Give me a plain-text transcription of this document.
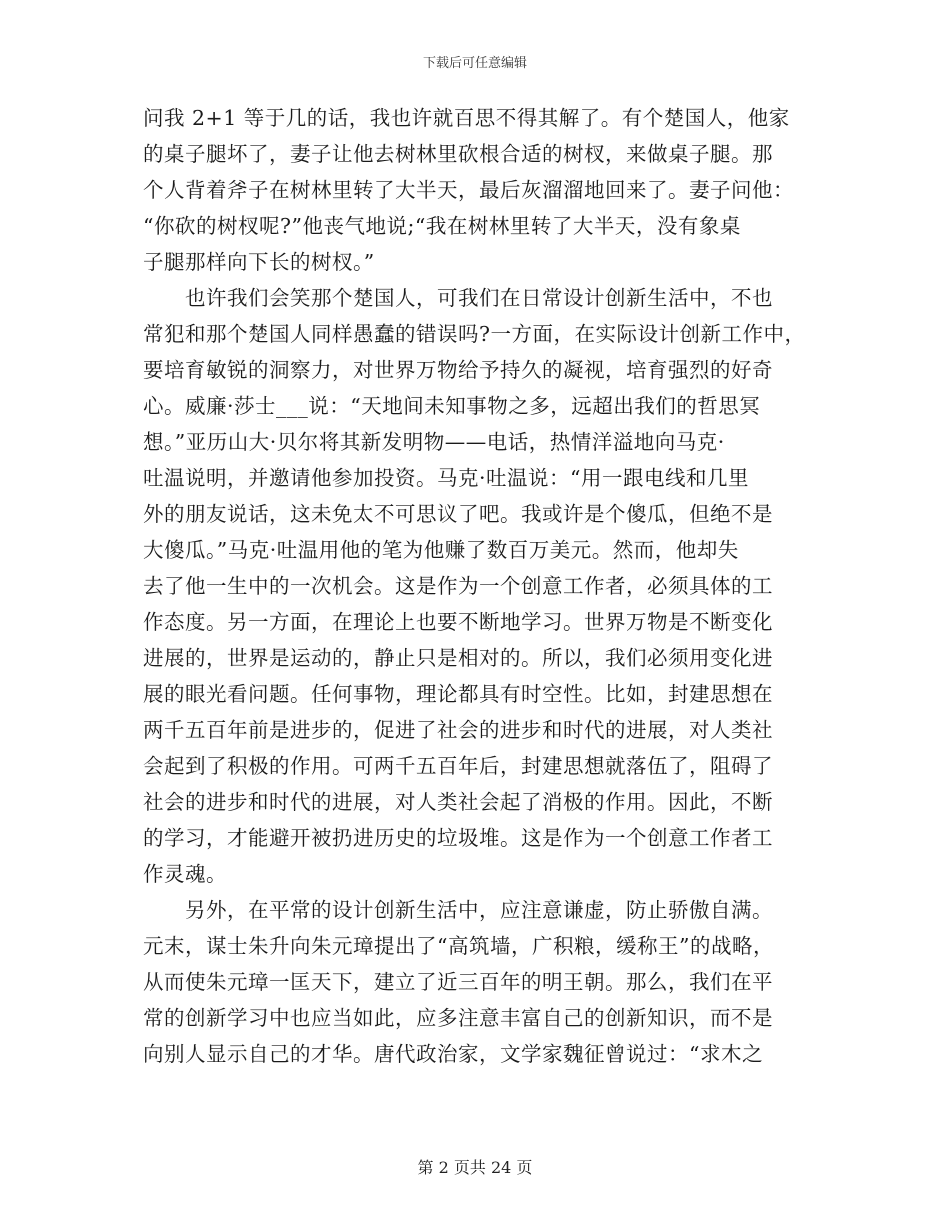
下载后可任意编辑
问我 2+1 等于几的话，我也许就百思不得其解了。有个楚国人，他家
的桌子腿坏了，妻子让他去树林里砍根合适的树杈，来做桌子腿。那
个人背着斧子在树林里转了大半天，最后灰溜溜地回来了。妻子问他：
“你砍的树杈呢?”他丧气地说;“我在树林里转了大半天，没有象桌
子腿那样向下长的树杈。”
也许我们会笑那个楚国人，可我们在日常设计创新生活中，不也
常犯和那个楚国人同样愚蠢的错误吗?一方面，在实际设计创新工作中，
要培育敏锐的洞察力，对世界万物给予持久的凝视，培育强烈的好奇
心。威廉·莎士___说：“天地间未知事物之多，远超出我们的哲思冥
想。”亚历山大·贝尔将其新发明物——电话，热情洋溢地向马克·
吐温说明，并邀请他参加投资。马克·吐温说：“用一跟电线和几里
外的朋友说话，这未免太不可思议了吧。我或许是个傻瓜，但绝不是
大傻瓜。”马克·吐温用他的笔为他赚了数百万美元。然而，他却失
去了他一生中的一次机会。这是作为一个创意工作者，必须具体的工
作态度。另一方面，在理论上也要不断地学习。世界万物是不断变化
进展的，世界是运动的，静止只是相对的。所以，我们必须用变化进
展的眼光看问题。任何事物，理论都具有时空性。比如，封建思想在
两千五百年前是进步的，促进了社会的进步和时代的进展，对人类社
会起到了积极的作用。可两千五百年后，封建思想就落伍了，阻碍了
社会的进步和时代的进展，对人类社会起了消极的作用。因此，不断
的学习，才能避开被扔进历史的垃圾堆。这是作为一个创意工作者工
作灵魂。
另外，在平常的设计创新生活中，应注意谦虚，防止骄傲自满。
元末，谋士朱升向朱元璋提出了“高筑墙，广积粮，缓称王”的战略，
从而使朱元璋一匡天下，建立了近三百年的明王朝。那么，我们在平
常的创新学习中也应当如此，应多注意丰富自己的创新知识，而不是
向别人显示自己的才华。唐代政治家，文学家魏征曾说过：“求木之
第 2 页共 24 页
